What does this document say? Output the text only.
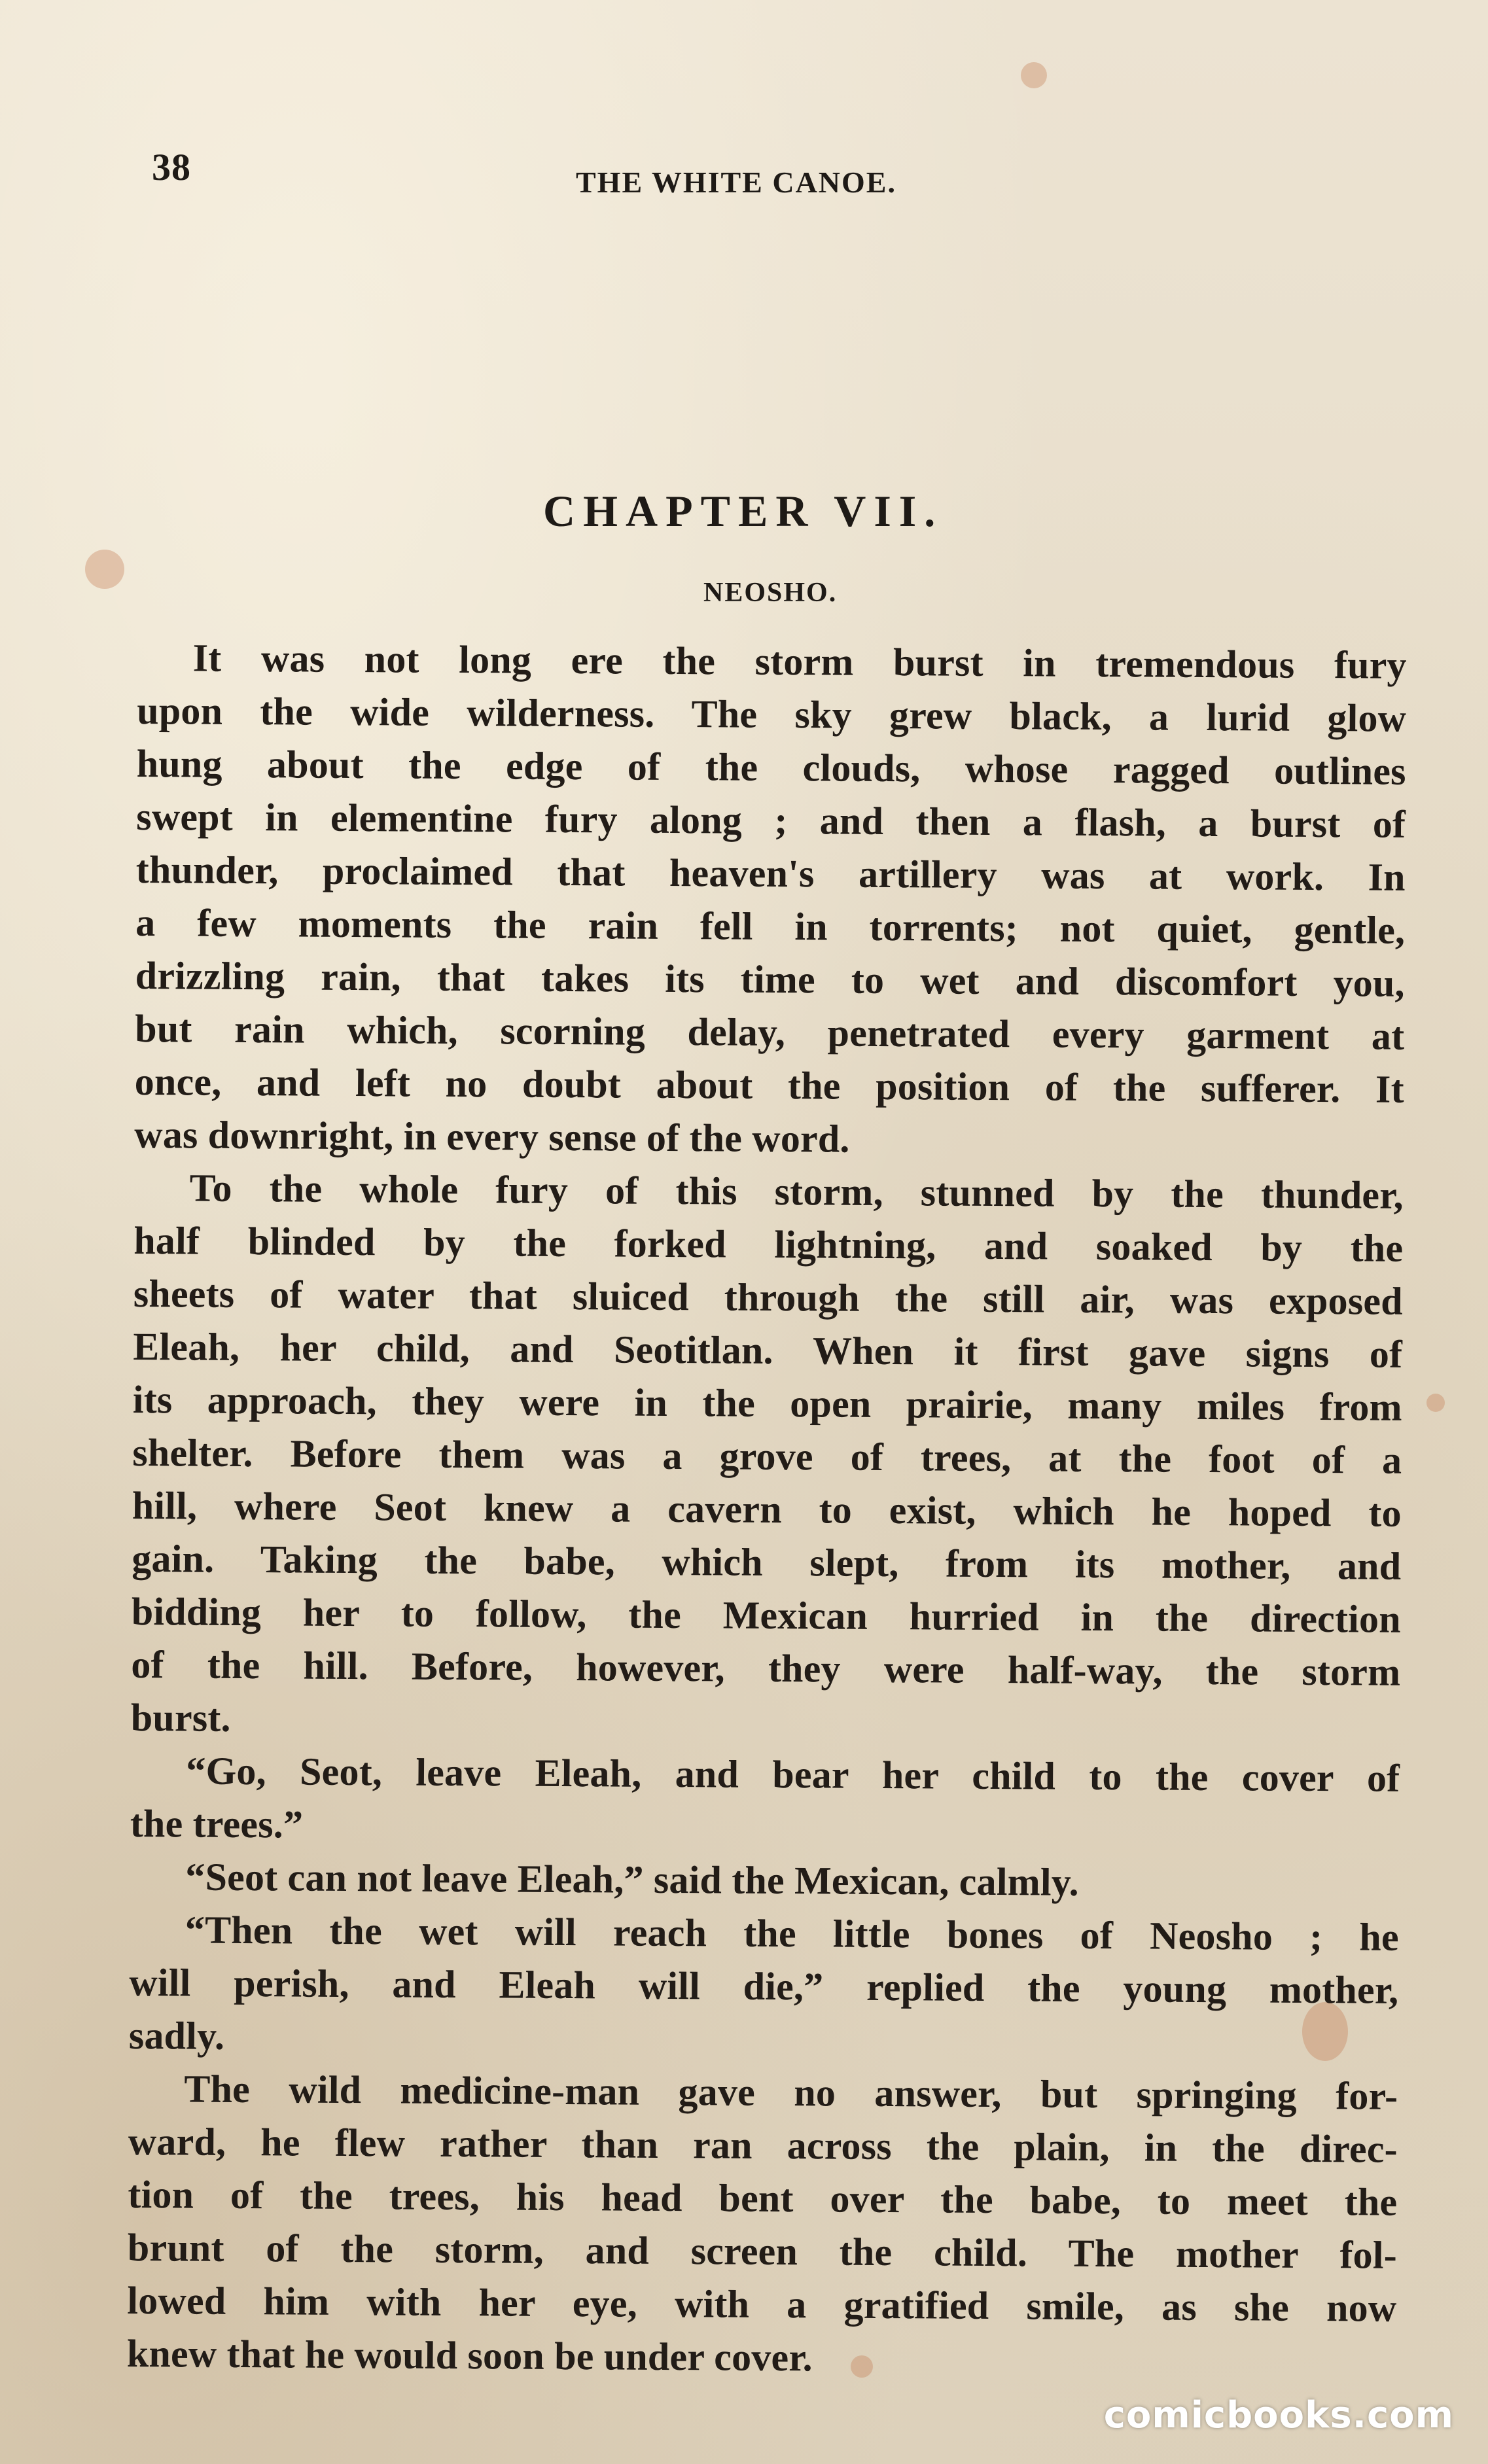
38	THE WHITE CANOE.
CHAPTER VII.
NEOSHO.
It was not long ere the storm burst in tremendous fury
upon the wide wilderness. The sky grew black, a lurid glow
hung about the edge of the clouds, whose ragged outlines
swept in elementine fury along ; and then a flash, a burst of
thunder, proclaimed that heaven's artillery was at work. In
a few moments the rain fell in torrents; not quiet, gentle,
drizzling rain, that takes its time to wet and discomfort you,
but rain which, scorning delay, penetrated every garment at
once, and left no doubt about the position of the sufferer. It
was downright, in every sense of the word.
To the whole fury of this storm, stunned by the thunder,
half blinded by the forked lightning, and soaked by the
sheets of water that sluiced through the still air, was exposed
Eleah, her child, and Seotitlan. When it first gave signs of
its approach, they were in the open prairie, many miles from
shelter. Before them was a grove of trees, at the foot of a
hill, where Seot knew a cavern to exist, which he hoped to
gain. Taking the babe, which slept, from its mother, and
bidding her to follow, the Mexican hurried in the direction
of the hill. Before, however, they were half-way, the storm
burst.
“Go, Seot, leave Eleah, and bear her child to the cover of
the trees.”
“Seot can not leave Eleah,” said the Mexican, calmly.
“Then the wet will reach the little bones of Neosho ; he
will perish, and Eleah will die,” replied the young mother,
sadly.
The wild medicine-man gave no answer, but springing for-
ward, he flew rather than ran across the plain, in the direc-
tion of the trees, his head bent over the babe, to meet the
brunt of the storm, and screen the child. The mother fol-
lowed him with her eye, with a gratified smile, as she now
knew that he would soon be under cover.
comicbooks.com
